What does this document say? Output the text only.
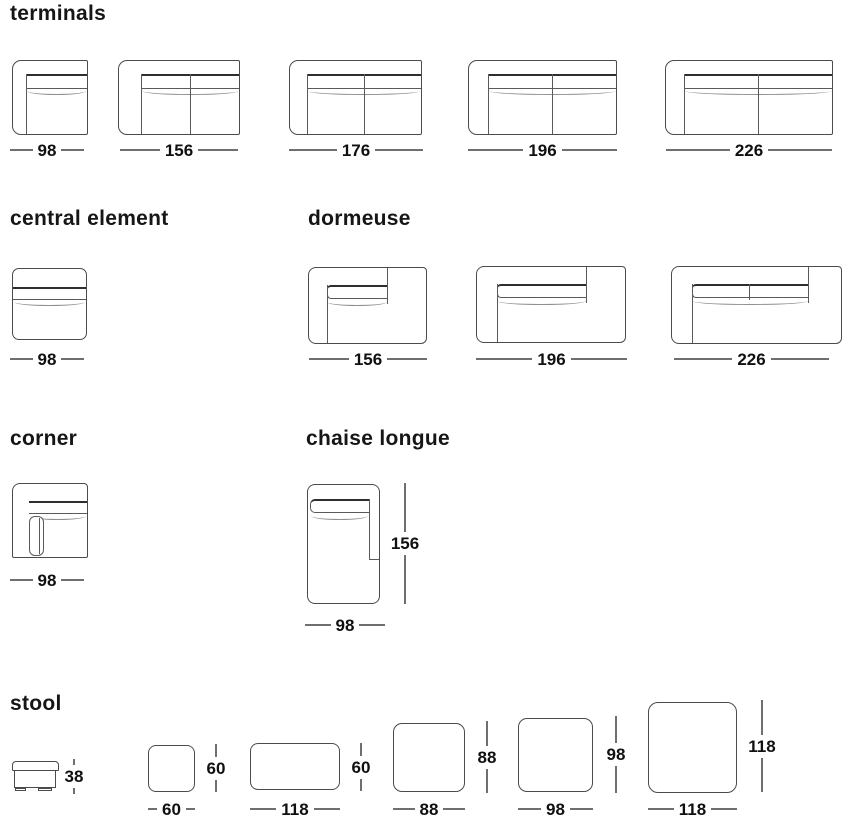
terminals
central element	dormeuse
corner	chaise longue
stool
98	156	176	196	226
98	156	196	226
98
156
98
38	60
60
60
118
88
88
98
98
118
118
